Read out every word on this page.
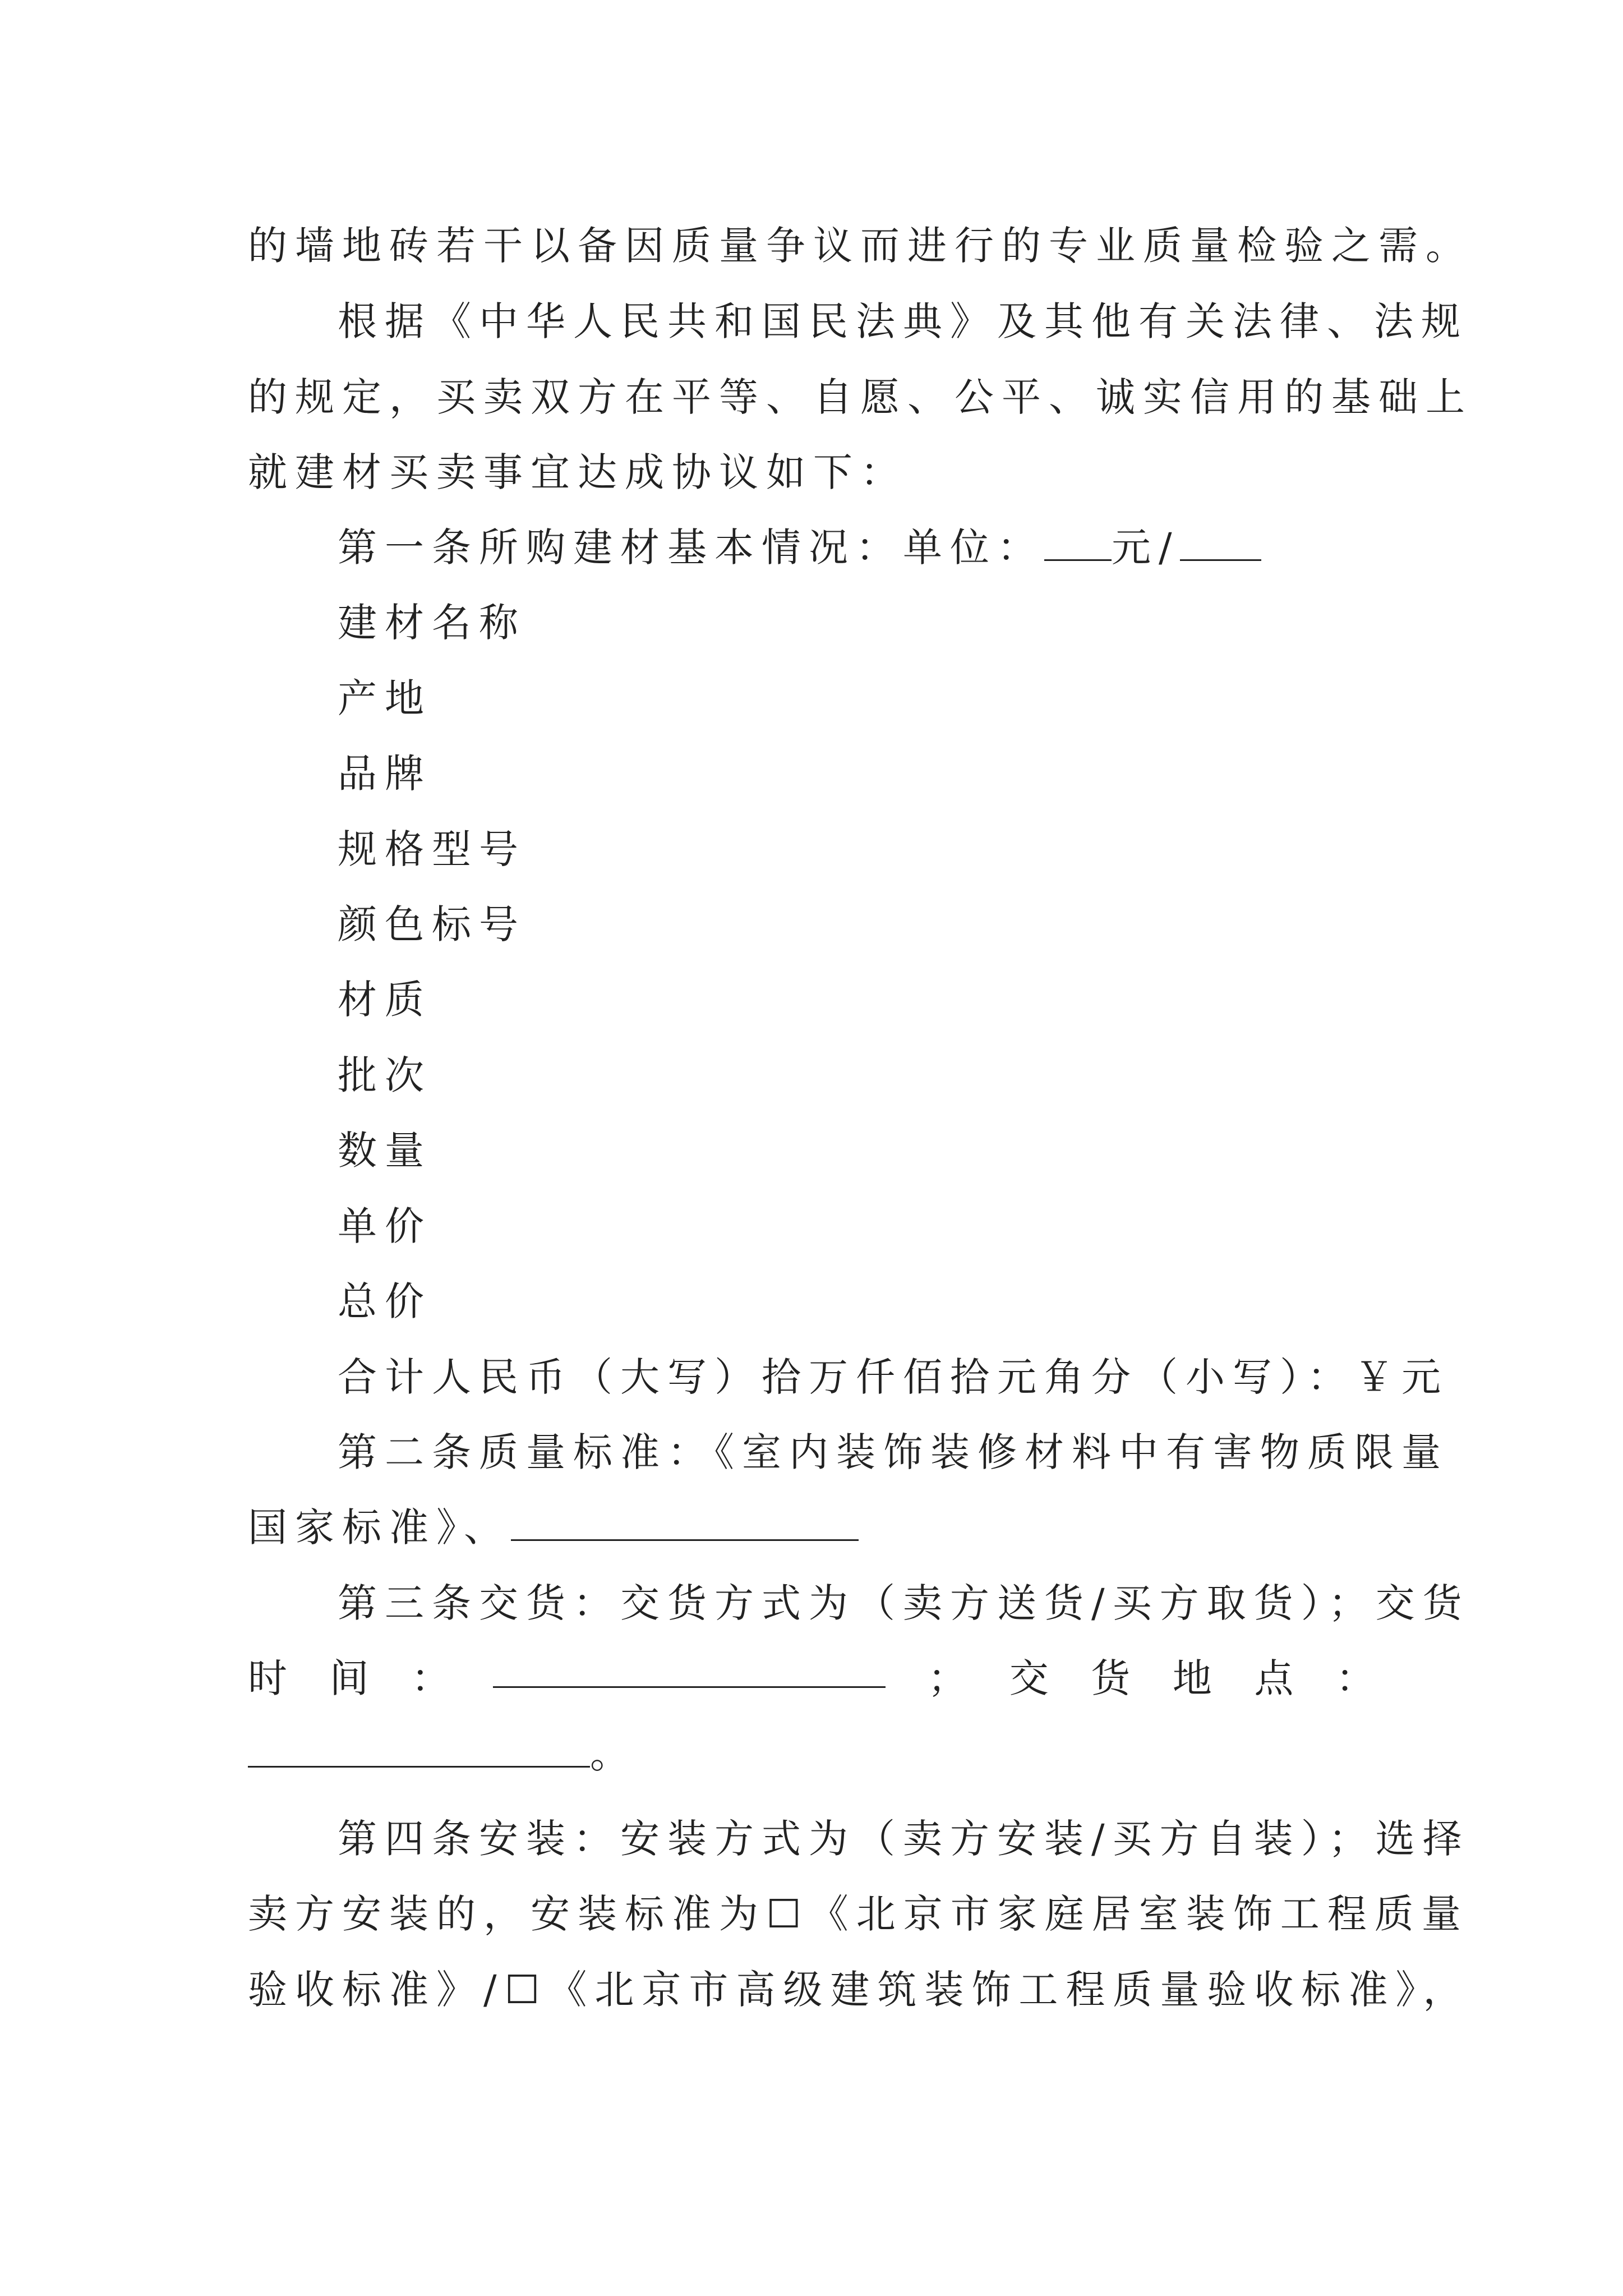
的墙地砖若干以备因质量争议而进行的专业质量检验之需。

根据《中华人民共和国民法典》及其他有关法律、法规

的规定，买卖双方在平等、自愿、公平、诚实信用的基础上

就建材买卖事宜达成协议如下：

第一条所购建材基本情况：单位： 元/

建材名称

产地

品牌

规格型号

颜色标号

材质

批次

数量

单价

总价

合计人民币（大写）拾万仟佰拾元角分（小写）：￥元

第二条质量标准：《室内装饰装修材料中有害物质限量

国家标准》、

第三条交货：交货方式为（卖方送货/买方取货）；交货

时 间 ：	； 交 货 地 点 ：

。

第四条安装：安装方式为（卖方安装/买方自装）；选择

卖方安装的，安装标准为☐《北京市家庭居室装饰工程质量

验收标准》/☐《北京市高级建筑装饰工程质量验收标准》，
